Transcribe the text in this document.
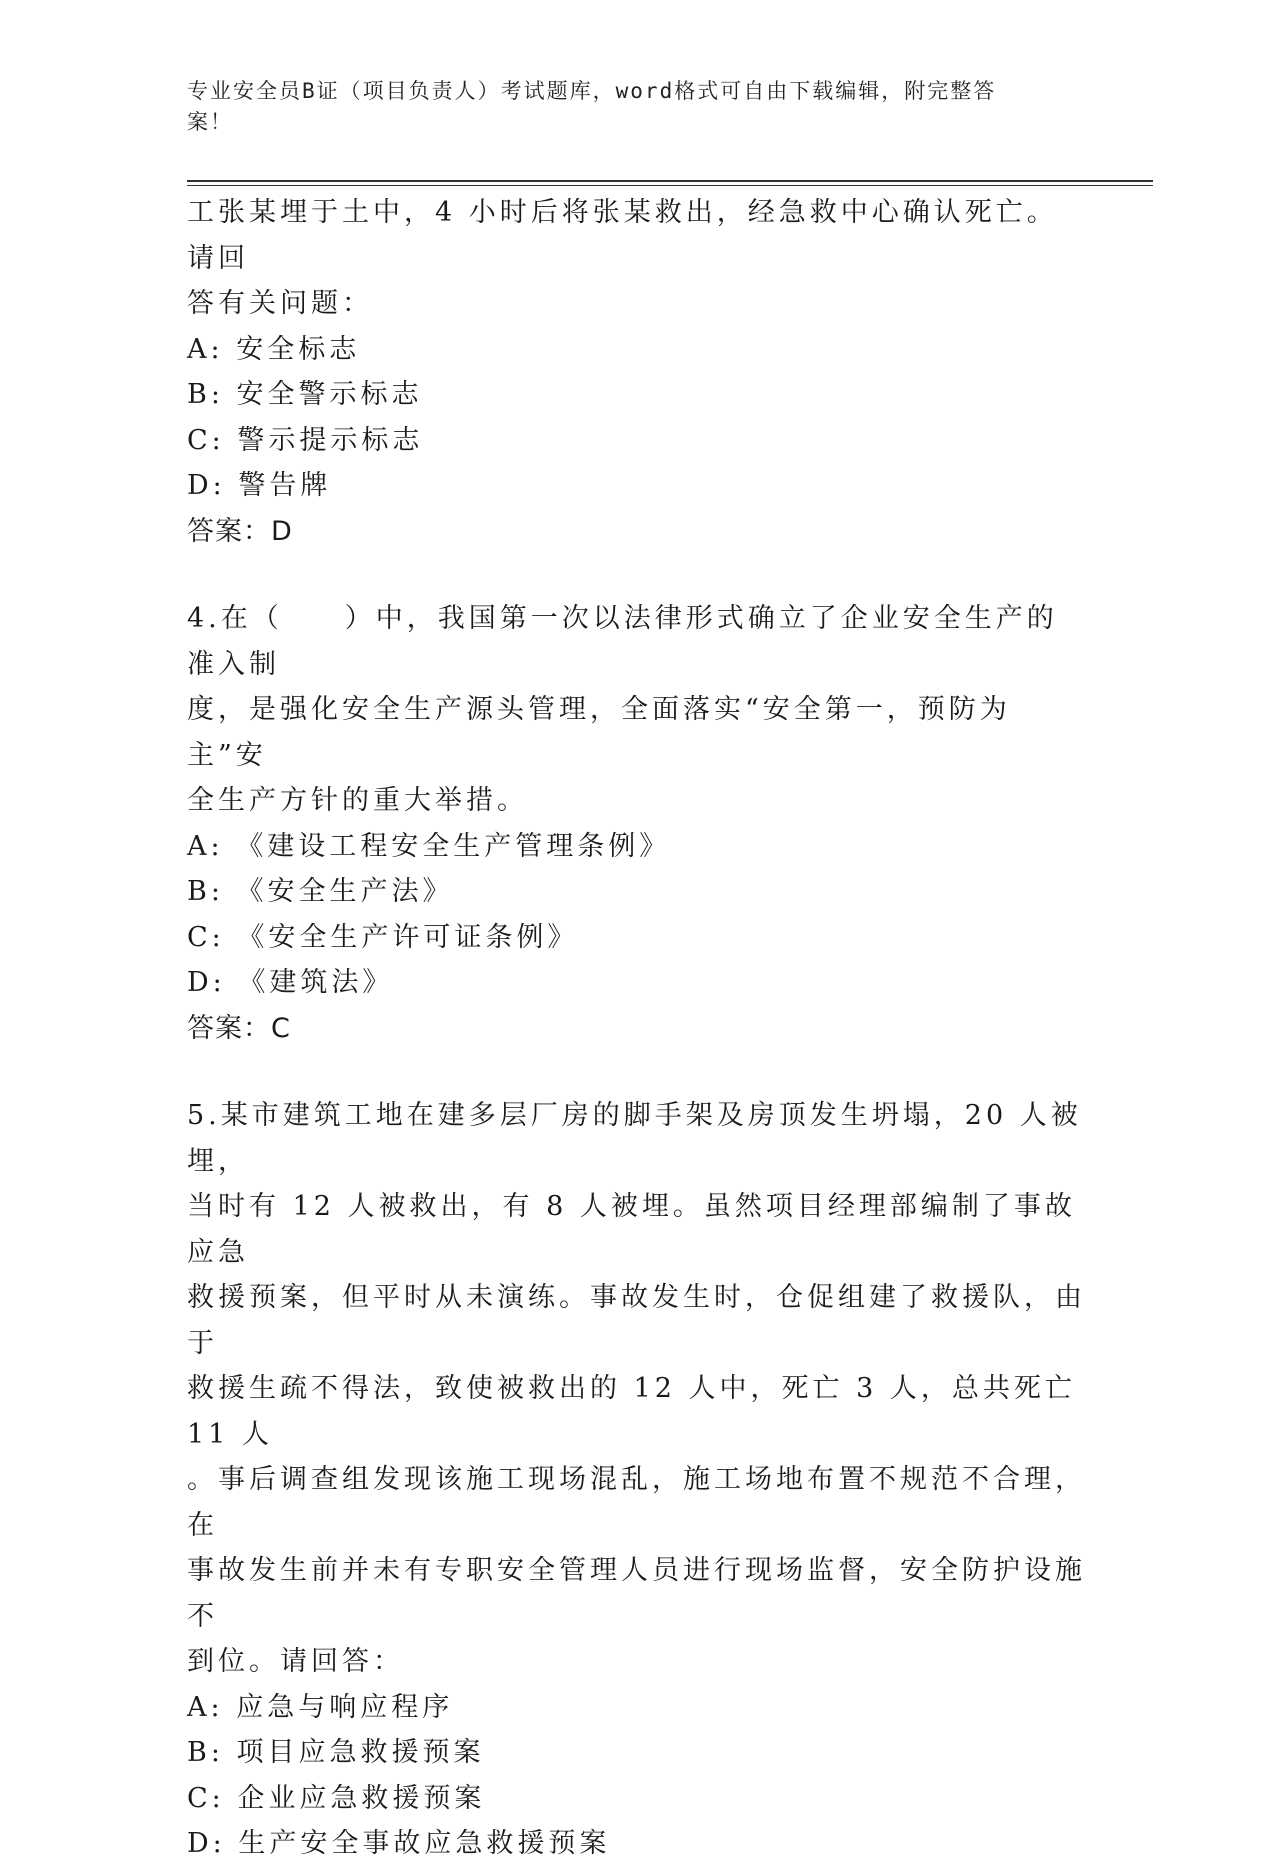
专业安全员B证（项目负责人）考试题库，word格式可自由下载编辑，附完整答
案！

工张某埋于土中，4 小时后将张某救出，经急救中心确认死亡。请回

答有关问题：

A: 安全标志

B: 安全警示标志

C: 警示提示标志

D: 警告牌

答案：D

4.在（　　）中，我国第一次以法律形式确立了企业安全生产的准入制

度，是强化安全生产源头管理，全面落实“安全第一，预防为主”安

全生产方针的重大举措。

A: 《建设工程安全生产管理条例》

B: 《安全生产法》

C: 《安全生产许可证条例》

D: 《建筑法》

答案：C

5.某市建筑工地在建多层厂房的脚手架及房顶发生坍塌，20 人被埋，

当时有 12 人被救出，有 8 人被埋。虽然项目经理部编制了事故应急

救援预案，但平时从未演练。事故发生时，仓促组建了救援队，由于

救援生疏不得法，致使被救出的 12 人中，死亡 3 人，总共死亡 11 人

。事后调查组发现该施工现场混乱，施工场地布置不规范不合理，在

事故发生前并未有专职安全管理人员进行现场监督，安全防护设施不

到位。请回答：

A: 应急与响应程序

B: 项目应急救援预案

C: 企业应急救援预案

D: 生产安全事故应急救援预案
